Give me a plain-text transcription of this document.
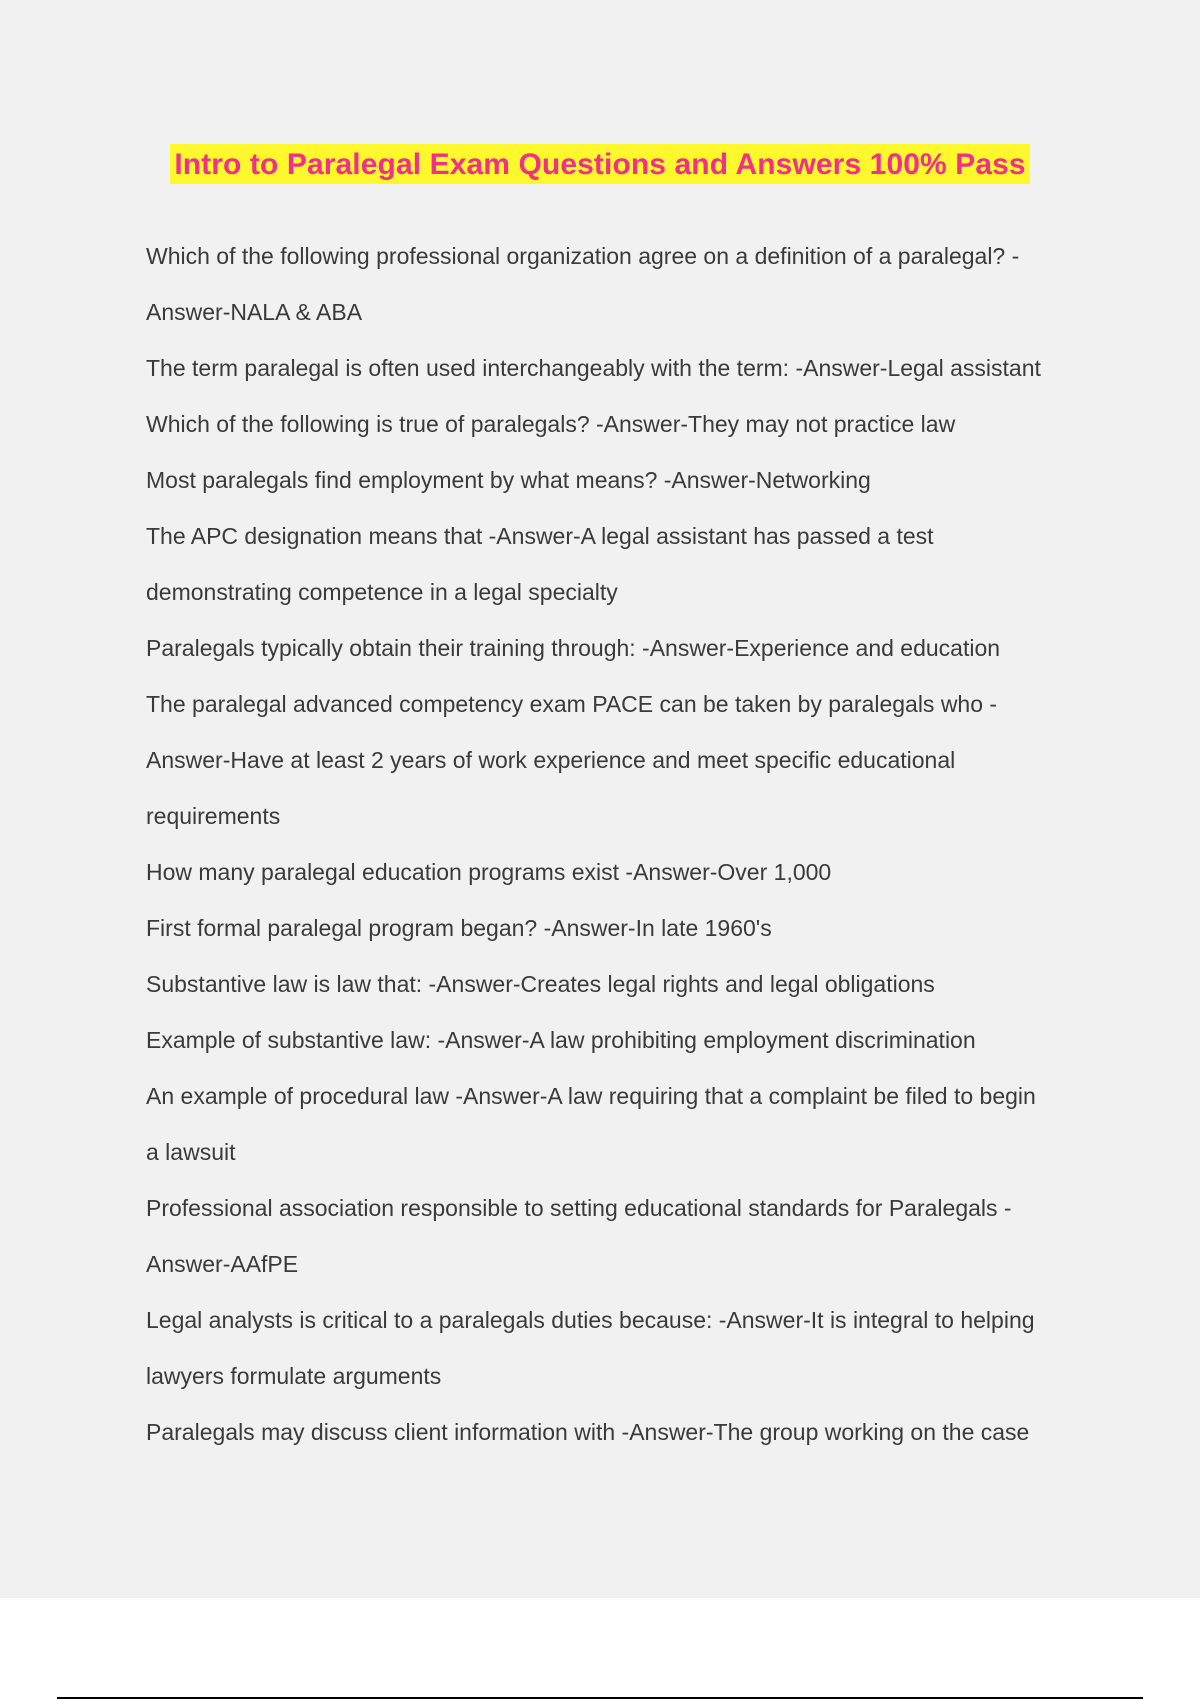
Intro to Paralegal Exam Questions and Answers 100% Pass
Which of the following professional organization agree on a definition of a paralegal? -
Answer-NALA & ABA
The term paralegal is often used interchangeably with the term: -Answer-Legal assistant
Which of the following is true of paralegals? -Answer-They may not practice law
Most paralegals find employment by what means? -Answer-Networking
The APC designation means that -Answer-A legal assistant has passed a test
demonstrating competence in a legal specialty
Paralegals typically obtain their training through: -Answer-Experience and education
The paralegal advanced competency exam PACE can be taken by paralegals who -
Answer-Have at least 2 years of work experience and meet specific educational
requirements
How many paralegal education programs exist -Answer-Over 1,000
First formal paralegal program began? -Answer-In late 1960's
Substantive law is law that: -Answer-Creates legal rights and legal obligations
Example of substantive law: -Answer-A law prohibiting employment discrimination
An example of procedural law -Answer-A law requiring that a complaint be filed to begin
a lawsuit
Professional association responsible to setting educational standards for Paralegals -
Answer-AAfPE
Legal analysts is critical to a paralegals duties because: -Answer-It is integral to helping
lawyers formulate arguments
Paralegals may discuss client information with -Answer-The group working on the case
